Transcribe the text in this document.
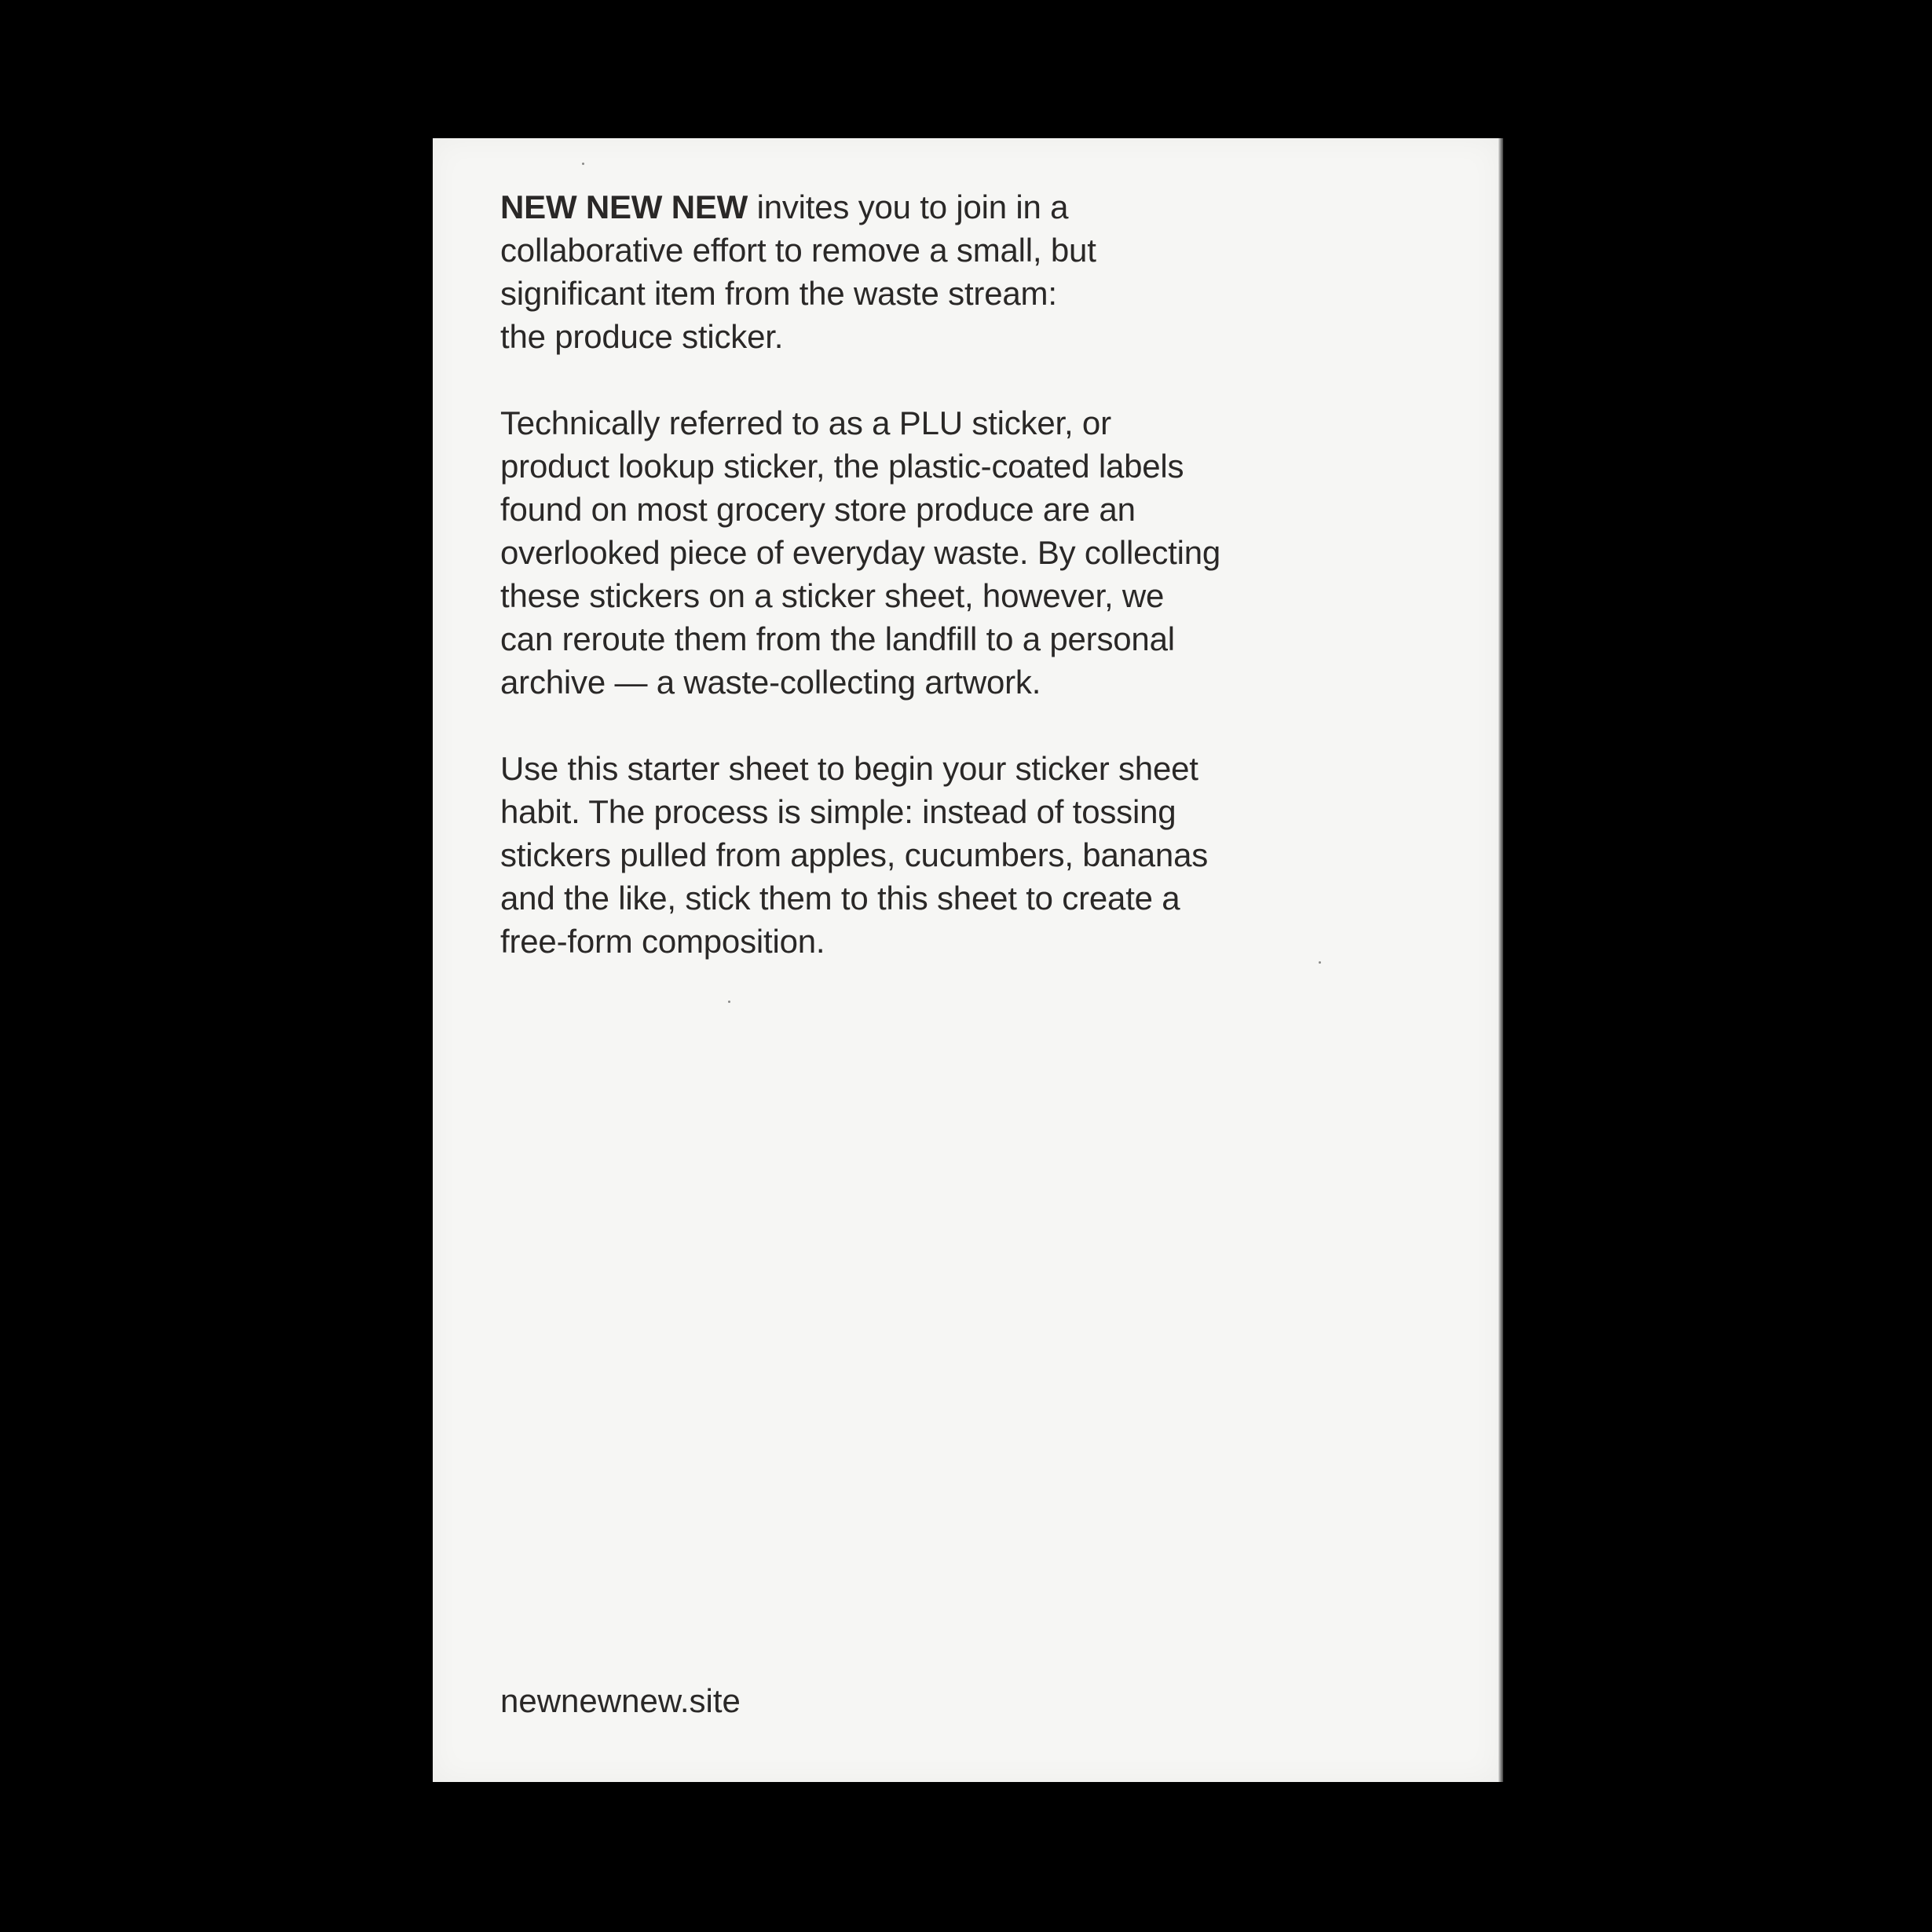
NEW NEW NEW invites you to join in a
collaborative effort to remove a small, but
significant item from the waste stream:
the produce sticker.

Technically referred to as a PLU sticker, or
product lookup sticker, the plastic-coated labels
found on most grocery store produce are an
overlooked piece of everyday waste. By collecting
these stickers on a sticker sheet, however, we
can reroute them from the landfill to a personal
archive — a waste-collecting artwork.

Use this starter sheet to begin your sticker sheet
habit. The process is simple: instead of tossing
stickers pulled from apples, cucumbers, bananas
and the like, stick them to this sheet to create a
free-form composition.

newnewnew.site
